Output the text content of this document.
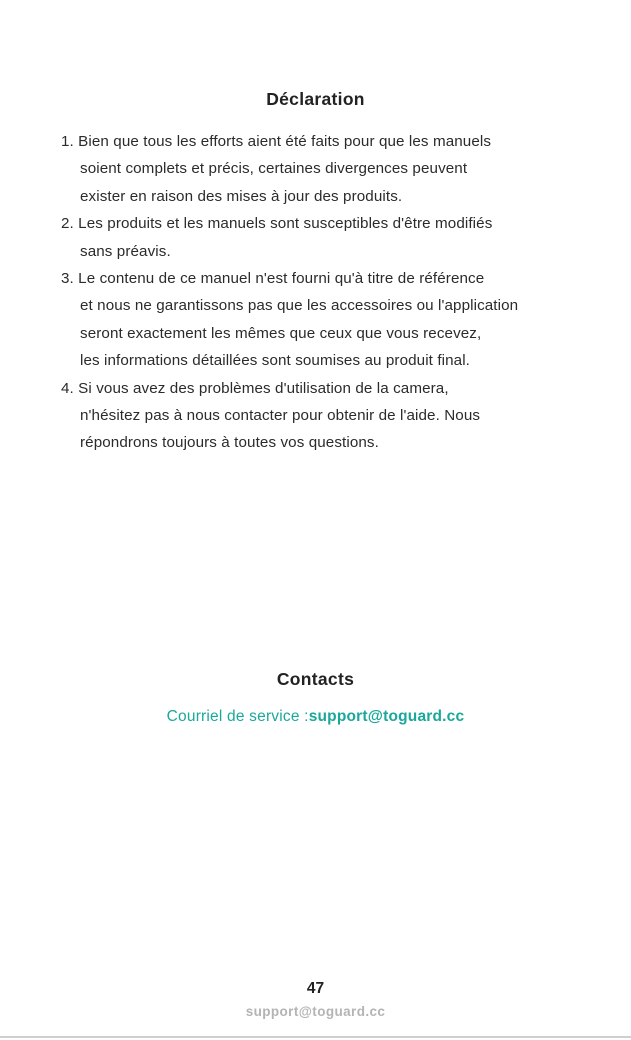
Déclaration
1. Bien que tous les efforts aient été faits pour que les manuels
soient complets et précis, certaines divergences peuvent
exister en raison des mises à jour des produits.
2. Les produits et les manuels sont susceptibles d'être modifiés
sans préavis.
3. Le contenu de ce manuel n'est fourni qu'à titre de référence
et nous ne garantissons pas que les accessoires ou l'application
seront exactement les mêmes que ceux que vous recevez,
les informations détaillées sont soumises au produit final.
4. Si vous avez des problèmes d'utilisation de la camera,
n'hésitez pas à nous contacter pour obtenir de l'aide. Nous
répondrons toujours à toutes vos questions.
Contacts
Courriel de service :support@toguard.cc
47
support@toguard.cc
